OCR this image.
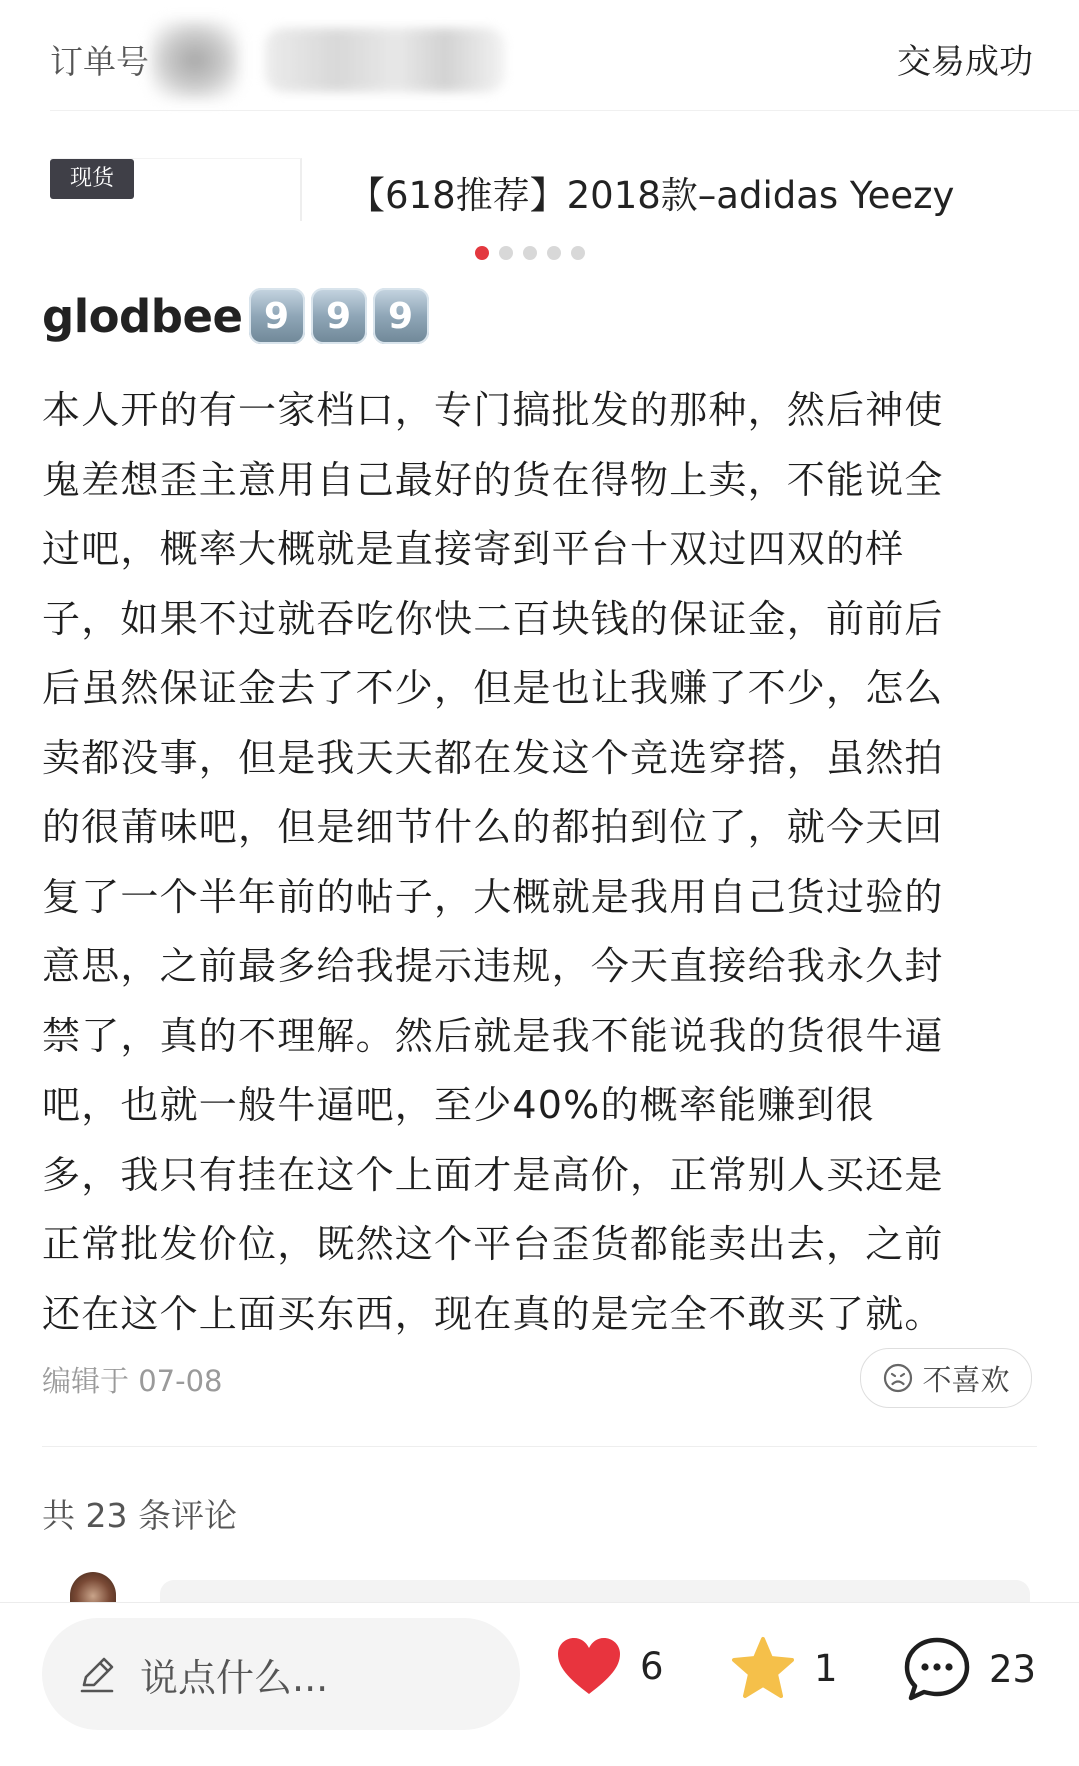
订单号	交易成功
现货	【618推荐】2018款–adidas Yeezy
glodbee 9	9	9
本人开的有一家档口，专门搞批发的那种，然后神使
鬼差想歪主意用自己最好的货在得物上卖，不能说全
过吧，概率大概就是直接寄到平台十双过四双的样
子，如果不过就吞吃你快二百块钱的保证金，前前后
后虽然保证金去了不少，但是也让我赚了不少，怎么
卖都没事，但是我天天都在发这个竞选穿搭，虽然拍
的很莆味吧，但是细节什么的都拍到位了，就今天回
复了一个半年前的帖子，大概就是我用自己货过验的
意思，之前最多给我提示违规，今天直接给我永久封
禁了，真的不理解。然后就是我不能说我的货很牛逼
吧，也就一般牛逼吧，至少40%的概率能赚到很
多，我只有挂在这个上面才是高价，正常别人买还是
正常批发价位，既然这个平台歪货都能卖出去，之前
还在这个上面买东西，现在真的是完全不敢买了就。
编辑于 07-08	不喜欢
共 23 条评论
说点什么...	6	1	23
